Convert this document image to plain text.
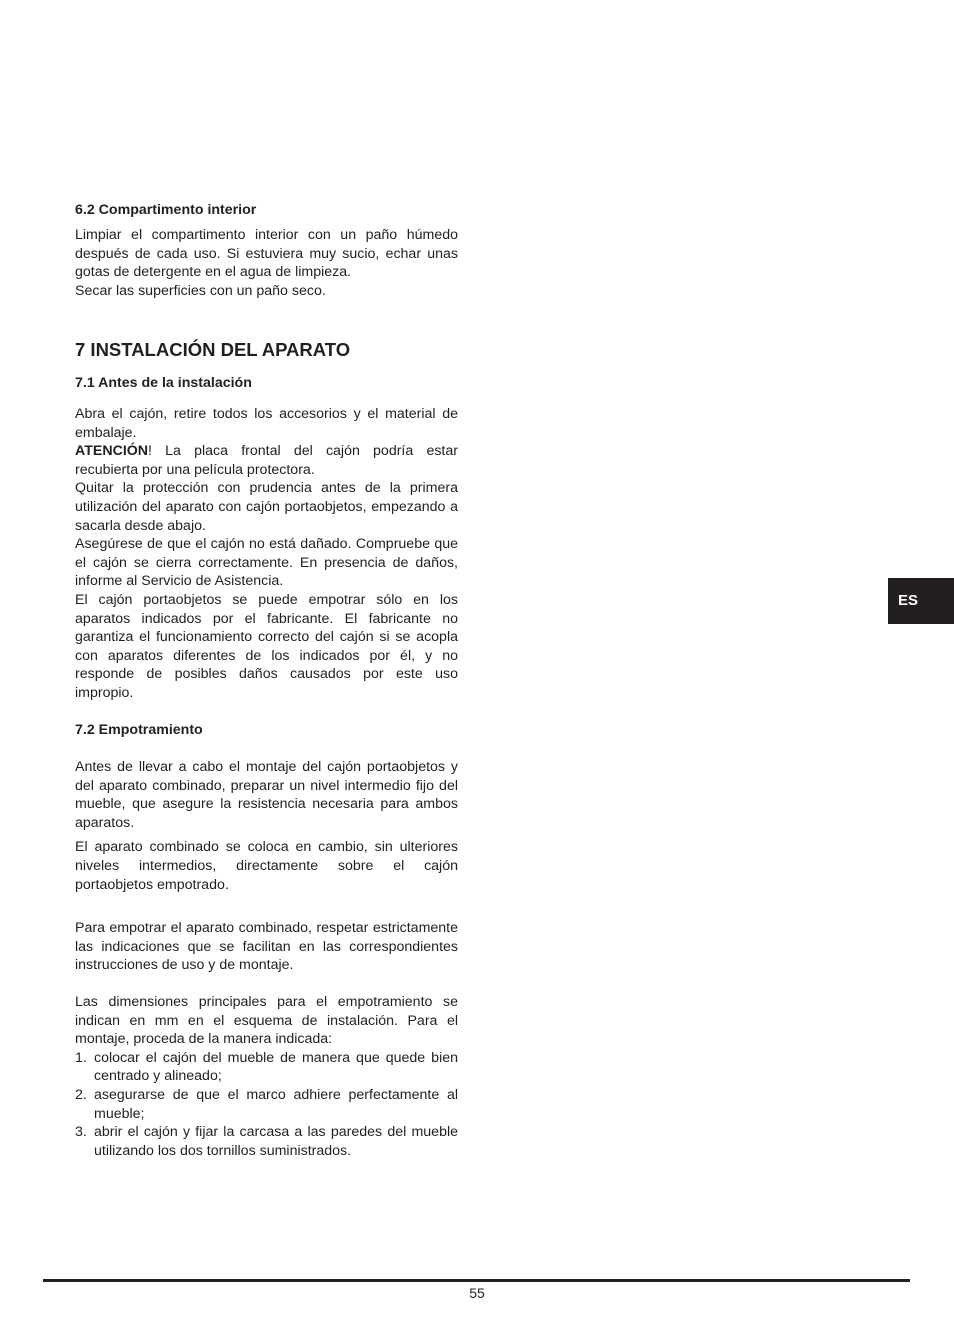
6.2 Compartimento interior

Limpiar el compartimento interior con un paño húmedo después de cada uso. Si estuviera muy sucio, echar unas gotas de detergente en el agua de limpieza.

Secar las superficies con un paño seco.

7 INSTALACIÓN DEL APARATO

7.1 Antes de la instalación

Abra el cajón, retire todos los accesorios y el material de embalaje.

ATENCIÓN! La placa frontal del cajón podría estar recubierta por una película protectora.

Quitar la protección con prudencia antes de la primera utilización del aparato con cajón portaobjetos, empezando a sacarla desde abajo.

Asegúrese de que el cajón no está dañado. Compruebe que el cajón se cierra correctamente. En presencia de daños, informe al Servicio de Asistencia.

El cajón portaobjetos se puede empotrar sólo en los aparatos indicados por el fabricante. El fabricante no garantiza el funcionamiento correcto del cajón si se acopla con aparatos diferentes de los indicados por él, y no responde de posibles daños causados por este uso impropio.

7.2 Empotramiento

Antes de llevar a cabo el montaje del cajón portaobjetos y del aparato combinado, preparar un nivel intermedio fijo del mueble, que asegure la resistencia necesaria para ambos aparatos.

El aparato combinado se coloca en cambio, sin ulteriores niveles intermedios, directamente sobre el cajón portaobjetos empotrado.

Para empotrar el aparato combinado, respetar estrictamente las indicaciones que se facilitan en las correspondientes instrucciones de uso y de montaje.

Las dimensiones principales para el empotramiento se indican en mm en el esquema de instalación. Para el montaje, proceda de la manera indicada:

1. colocar el cajón del mueble de manera que quede bien centrado y alineado;
2. asegurarse de que el marco adhiere perfectamente al mueble;
3. abrir el cajón y fijar la carcasa a las paredes del mueble utilizando los dos tornillos suministrados.
ES
55
